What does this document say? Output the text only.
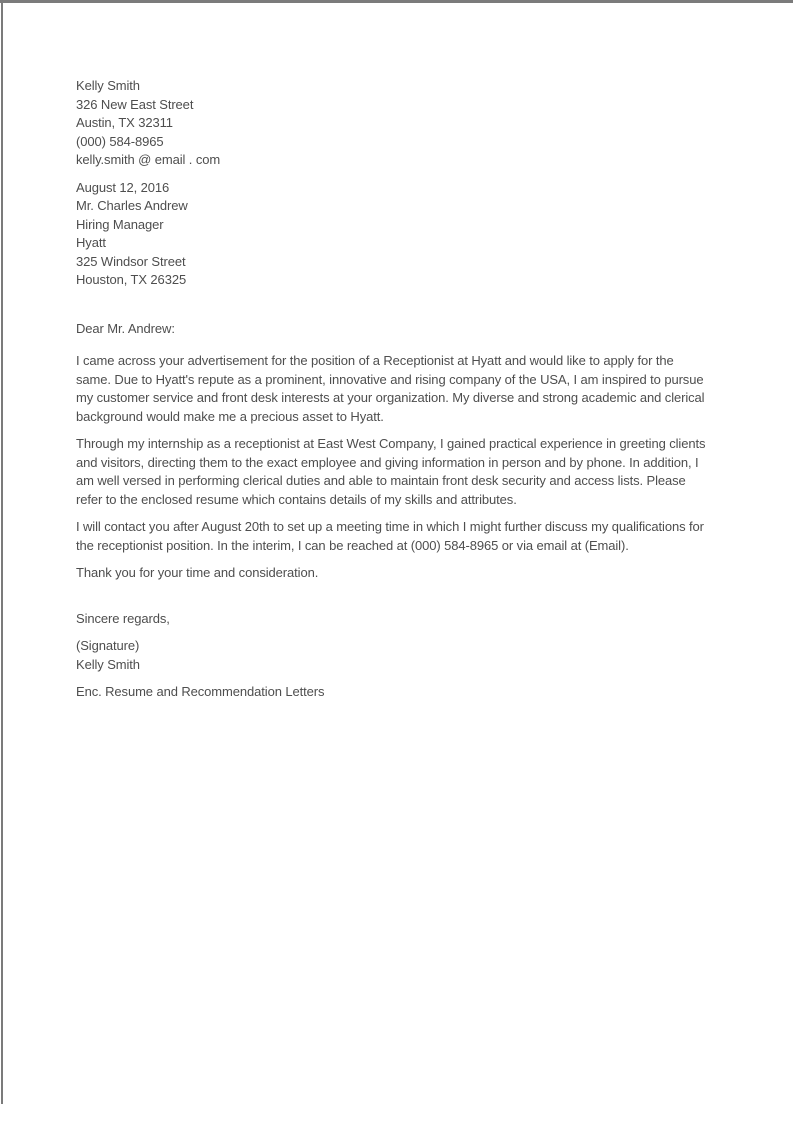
Kelly Smith

326 New East Street

Austin, TX 32311

(000) 584-8965

kelly.smith @ email . com

August 12, 2016

Mr. Charles Andrew

Hiring Manager

Hyatt

325 Windsor Street

Houston, TX 26325

Dear Mr. Andrew:

I came across your advertisement for the position of a Receptionist at Hyatt and would like to apply for the same. Due to Hyatt's repute as a prominent, innovative and rising company of the USA, I am inspired to pursue my customer service and front desk interests at your organization. My diverse and strong academic and clerical background would make me a precious asset to Hyatt.

Through my internship as a receptionist at East West Company, I gained practical experience in greeting clients and visitors, directing them to the exact employee and giving information in person and by phone. In addition, I am well versed in performing clerical duties and able to maintain front desk security and access lists. Please refer to the enclosed resume which contains details of my skills and attributes.

I will contact you after August 20th to set up a meeting time in which I might further discuss my qualifications for the receptionist position. In the interim, I can be reached at (000) 584-8965 or via email at (Email).

Thank you for your time and consideration.

Sincere regards,

(Signature)

Kelly Smith

Enc. Resume and Recommendation Letters
